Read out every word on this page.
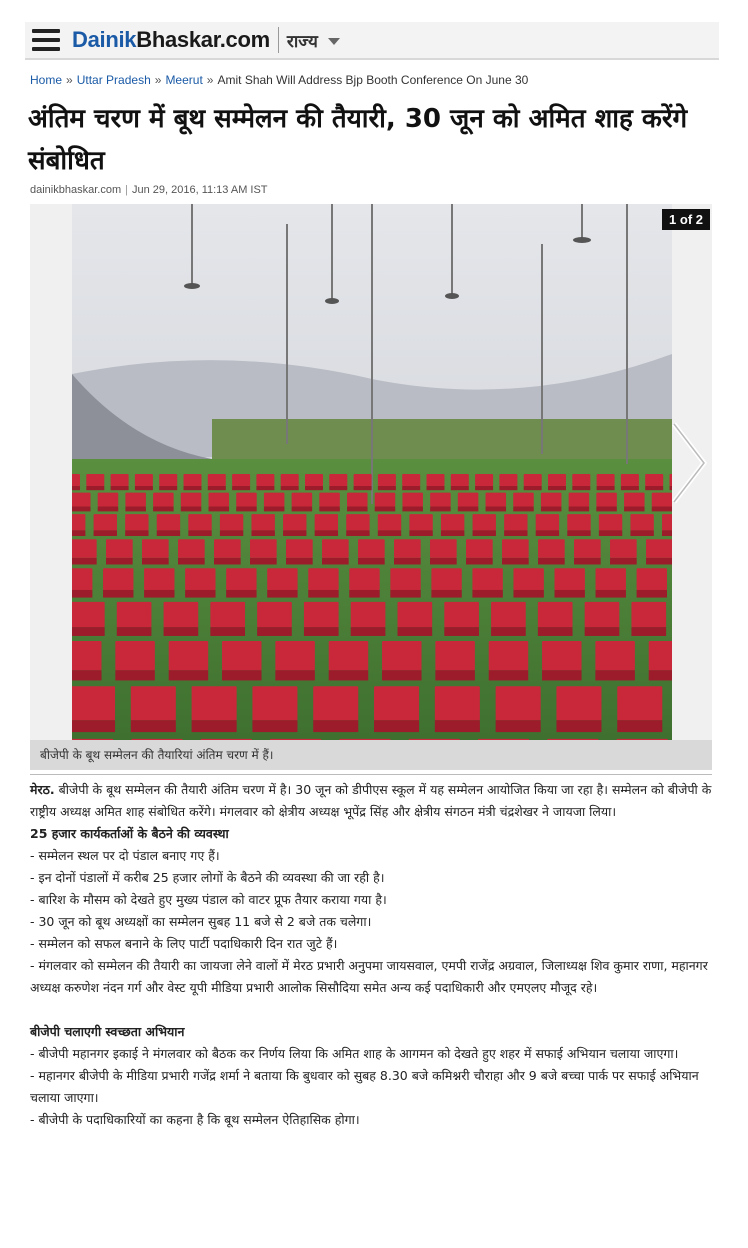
DainikBhaskar.com राज्य
Home » Uttar Pradesh » Meerut » Amit Shah Will Address Bjp Booth Conference On June 30
अंतिम चरण में बूथ सम्मेलन की तैयारी, 30 जून को अमित शाह करेंगे संबोधित
dainikbhaskar.com | Jun 29, 2016, 11:13 AM IST
1 of 2
बीजेपी के बूथ सम्मेलन की तैयारियां अंतिम चरण में हैं।

मेरठ. बीजेपी के बूथ सम्मेलन की तैयारी अंतिम चरण में है। 30 जून को डीपीएस स्कूल में यह सम्मेलन आयोजित किया जा रहा है। सम्मेलन को बीजेपी के राष्ट्रीय अध्यक्ष अमित शाह संबोधित करेंगे। मंगलवार को क्षेत्रीय अध्यक्ष भूपेंद्र सिंह और क्षेत्रीय संगठन मंत्री चंद्रशेखर ने जायजा लिया।

25 हजार कार्यकर्ताओं के बैठने की व्यवस्था

- सम्मेलन स्थल पर दो पंडाल बनाए गए हैं।

- इन दोनों पंडालों में करीब 25 हजार लोगों के बैठने की व्यवस्था की जा रही है।

- बारिश के मौसम को देखते हुए मुख्य पंडाल को वाटर प्रूफ तैयार कराया गया है।

- 30 जून को बूथ अध्यक्षों का सम्मेलन सुबह 11 बजे से 2 बजे तक चलेगा।

- सम्मेलन को सफल बनाने के लिए पार्टी पदाधिकारी दिन रात जुटे हैं।

- मंगलवार को सम्मेलन की तैयारी का जायजा लेने वालों में मेरठ प्रभारी अनुपमा जायसवाल, एमपी राजेंद्र अग्रवाल, जिलाध्यक्ष शिव कुमार राणा, महानगर अध्यक्ष करुणेश नंदन गर्ग और वेस्ट यूपी मीडिया प्रभारी आलोक सिसौदिया समेत अन्य कई पदाधिकारी और एमएलए मौजूद रहे।

बीजेपी चलाएगी स्वच्छता अभियान

- बीजेपी महानगर इकाई ने मंगलवार को बैठक कर निर्णय लिया कि अमित शाह के आगमन को देखते हुए शहर में सफाई अभियान चलाया जाएगा।

- महानगर बीजेपी के मीडिया प्रभारी गजेंद्र शर्मा ने बताया कि बुधवार को सुबह 8.30 बजे कमिश्नरी चौराहा और 9 बजे बच्चा पार्क पर सफाई अभियान चलाया जाएगा।

- बीजेपी के पदाधिकारियों का कहना है कि बूथ सम्मेलन ऐतिहासिक होगा।
